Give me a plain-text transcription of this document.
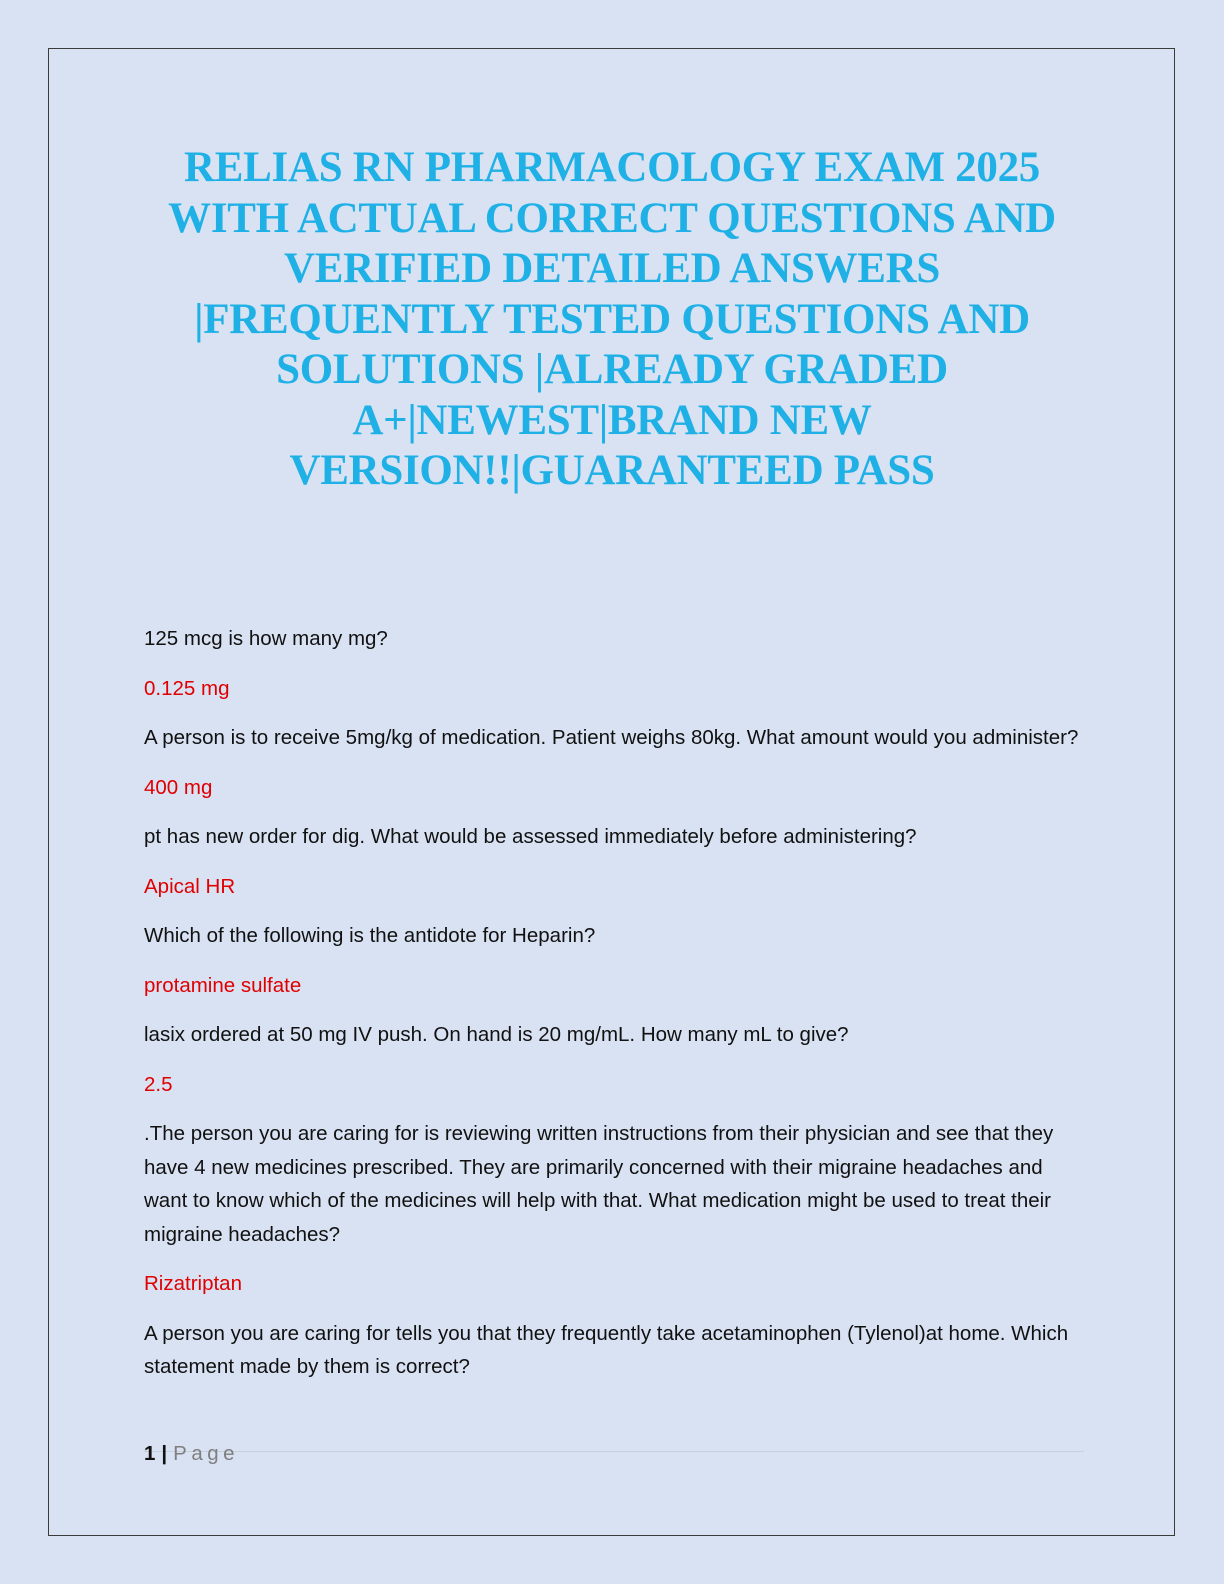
RELIAS RN PHARMACOLOGY EXAM 2025
WITH ACTUAL CORRECT QUESTIONS AND
VERIFIED DETAILED ANSWERS
|FREQUENTLY TESTED QUESTIONS AND
SOLUTIONS |ALREADY GRADED
A+|NEWEST|BRAND NEW
VERSION!!|GUARANTEED PASS

125 mcg is how many mg?

0.125 mg

A person is to receive 5mg/kg of medication. Patient weighs 80kg. What amount would you administer?

400 mg

pt has new order for dig. What would be assessed immediately before administering?

Apical HR

Which of the following is the antidote for Heparin?

protamine sulfate

lasix ordered at 50 mg IV push. On hand is 20 mg/mL. How many mL to give?

2.5

.The person you are caring for is reviewing written instructions from their physician and see that they have 4 new medicines prescribed. They are primarily concerned with their migraine headaches and want to know which of the medicines will help with that. What medication might be used to treat their migraine headaches?

Rizatriptan

A person you are caring for tells you that they frequently take acetaminophen (Tylenol)at home. Which statement made by them is correct?

1 | Page
